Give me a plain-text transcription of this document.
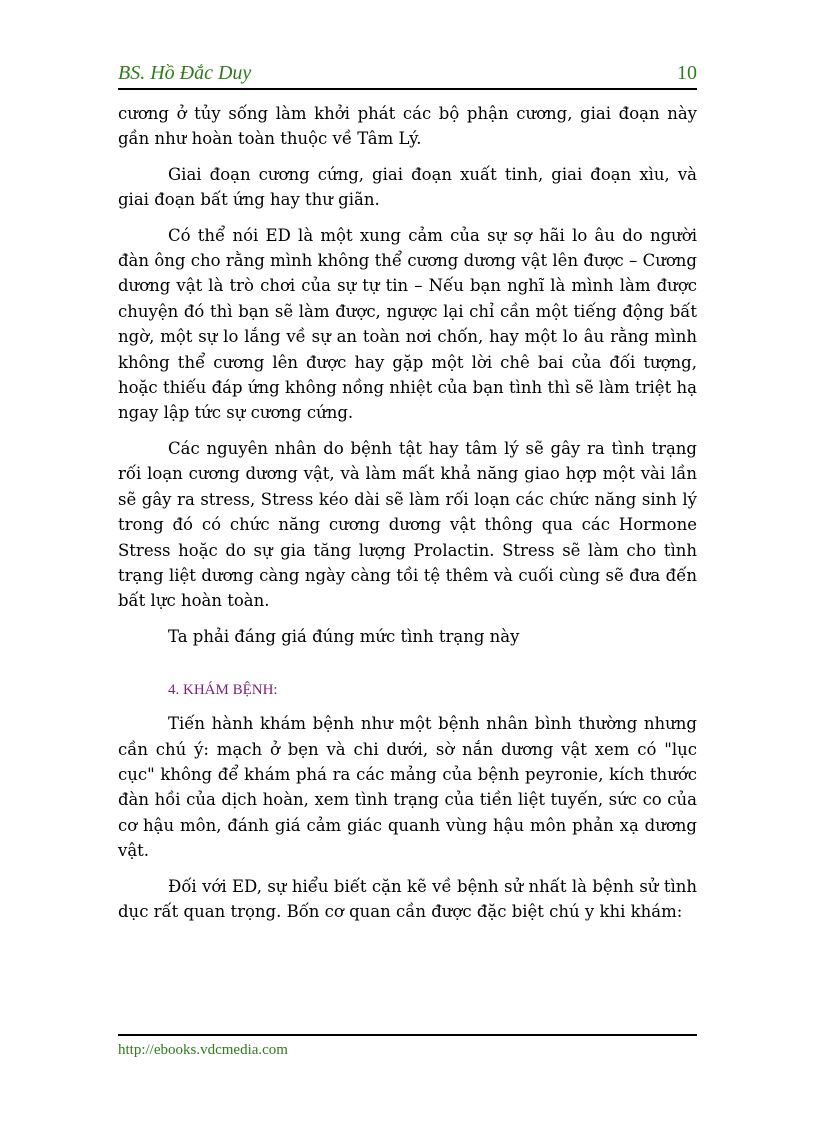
BS. Hồ Đắc Duy	10

cương ở tủy sống làm khởi phát các bộ phận cương, giai đoạn này gần như hoàn toàn thuộc về Tâm Lý.

Giai đoạn cương cứng, giai đoạn xuất tinh, giai đoạn xìu, và giai đoạn bất ứng hay thư giãn.

Có thể nói ED là một xung cảm của sự sợ hãi lo âu do người đàn ông cho rằng mình không thể cương dương vật lên được – Cương dương vật là trò chơi của sự tự tin – Nếu bạn nghĩ là mình làm được chuyện đó thì bạn sẽ làm được, ngược lại chỉ cần một tiếng động bất ngờ, một sự lo lắng về sự an toàn nơi chốn, hay một lo âu rằng mình không thể cương lên được hay gặp một lời chê bai của đối tượng, hoặc thiếu đáp ứng không nồng nhiệt của bạn tình thì sẽ làm triệt hạ ngay lập tức sự cương cứng.

Các nguyên nhân do bệnh tật hay tâm lý sẽ gây ra tình trạng rối loạn cương dương vật, và làm mất khả năng giao hợp một vài lần sẽ gây ra stress, Stress kéo dài sẽ làm rối loạn các chức năng sinh lý trong đó có chức năng cương dương vật thông qua các Hormone Stress hoặc do sự gia tăng lượng Prolactin. Stress sẽ làm cho tình trạng liệt dương càng ngày càng tồi tệ thêm và cuối cùng sẽ đưa đến bất lực hoàn toàn.

Ta phải đáng giá đúng mức tình trạng này

4. KHÁM BỆNH:

Tiến hành khám bệnh như một bệnh nhân bình thường nhưng cần chú ý: mạch ở bẹn và chi dưới, sờ nắn dương vật xem có "lục cục" không để khám phá ra các mảng của bệnh peyronie, kích thước đàn hồi của dịch hoàn, xem tình trạng của tiền liệt tuyến, sức co của cơ hậu môn, đánh giá cảm giác quanh vùng hậu môn phản xạ dương vật.

Đối với ED, sự hiểu biết cặn kẽ về bệnh sử nhất là bệnh sử tình dục rất quan trọng. Bốn cơ quan cần được đặc biệt chú y khi khám:

http://ebooks.vdcmedia.com
